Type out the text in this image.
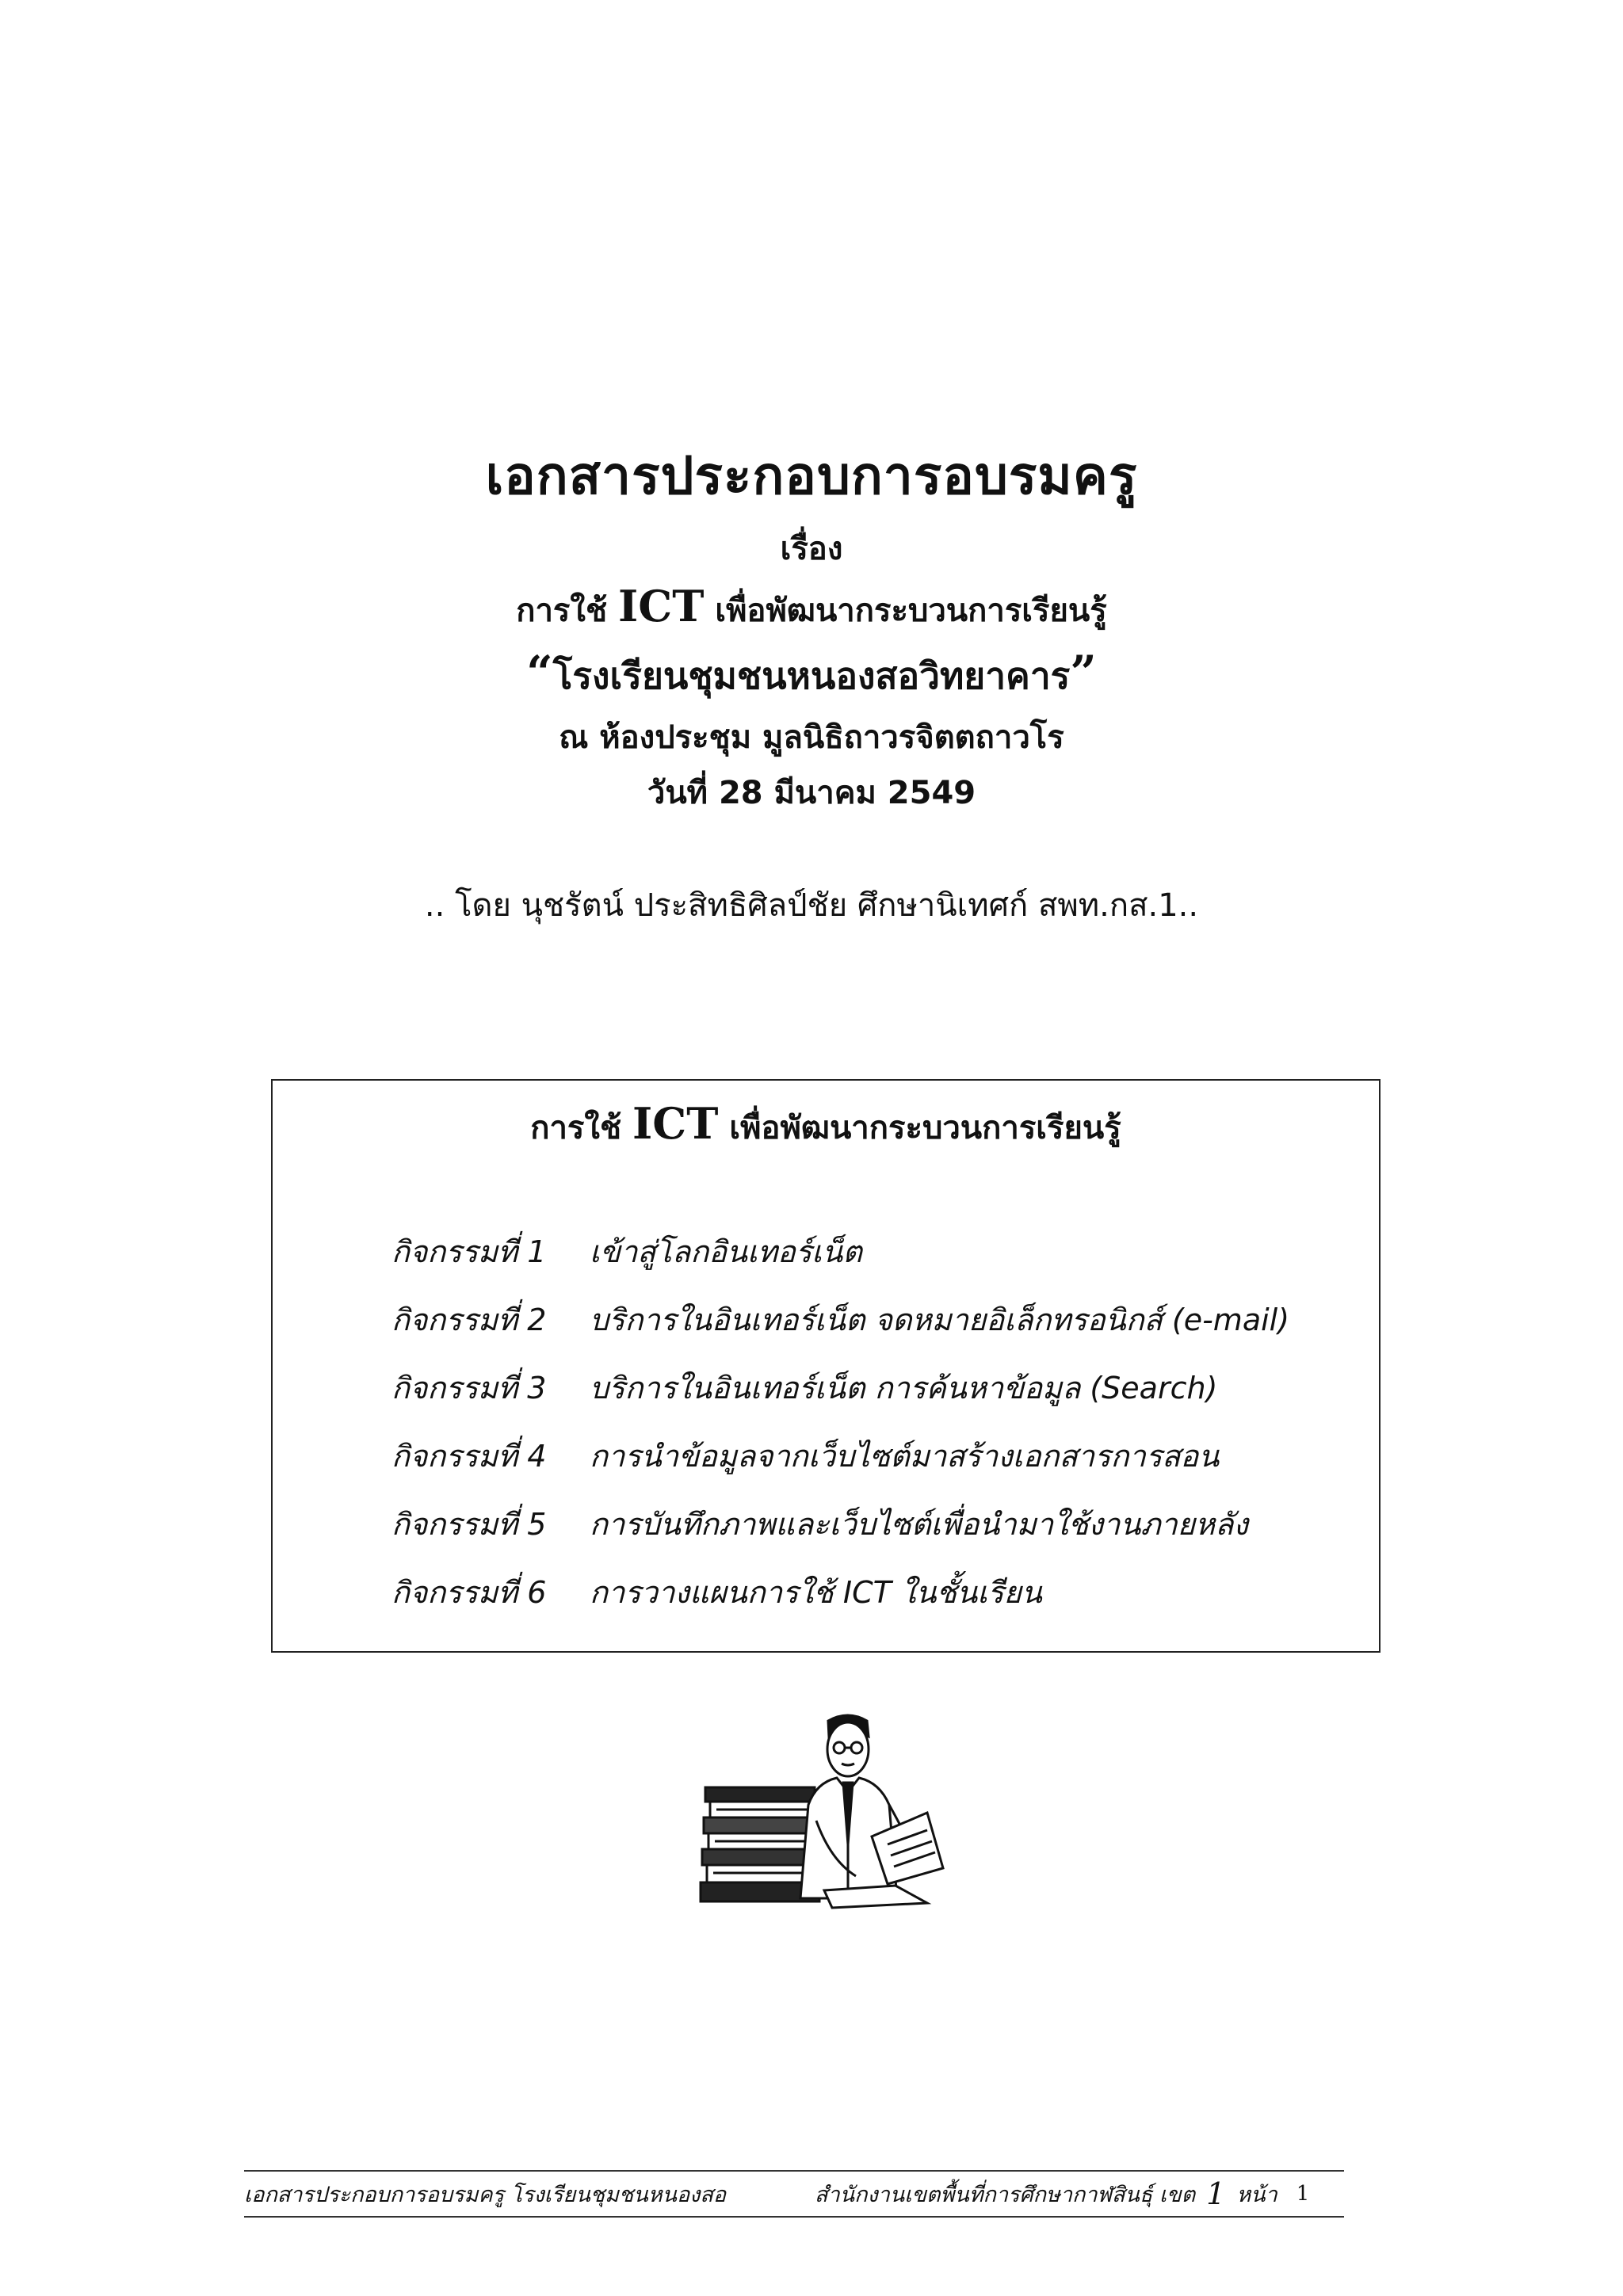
เอกสารประกอบการอบรมครู
เรื่อง
การใช้ ICT เพื่อพัฒนากระบวนการเรียนรู้
“โรงเรียนชุมชนหนองสอวิทยาคาร”
ณ ห้องประชุม มูลนิธิถาวรจิตตถาวโร
วันที่ 28 มีนาคม 2549
.. โดย นุชรัตน์ ประสิทธิศิลป์ชัย ศึกษานิเทศก์ สพท.กส.1..
การใช้ ICT เพื่อพัฒนากระบวนการเรียนรู้
กิจกรรมที่ 1	เข้าสู่โลกอินเทอร์เน็ต
กิจกรรมที่ 2	บริการในอินเทอร์เน็ต จดหมายอิเล็กทรอนิกส์ (e-mail)
กิจกรรมที่ 3	บริการในอินเทอร์เน็ต การค้นหาข้อมูล (Search)
กิจกรรมที่ 4	การนำข้อมูลจากเว็บไซต์มาสร้างเอกสารการสอน
กิจกรรมที่ 5	การบันทึกภาพและเว็บไซต์เพื่อนำมาใช้งานภายหลัง
กิจกรรมที่ 6	การวางแผนการใช้ ICT ในชั้นเรียน
เอกสารประกอบการอบรมครู โรงเรียนชุมชนหนองสอ	สำนักงานเขตพื้นที่การศึกษากาฬสินธุ์ เขต 1 หน้า 1
